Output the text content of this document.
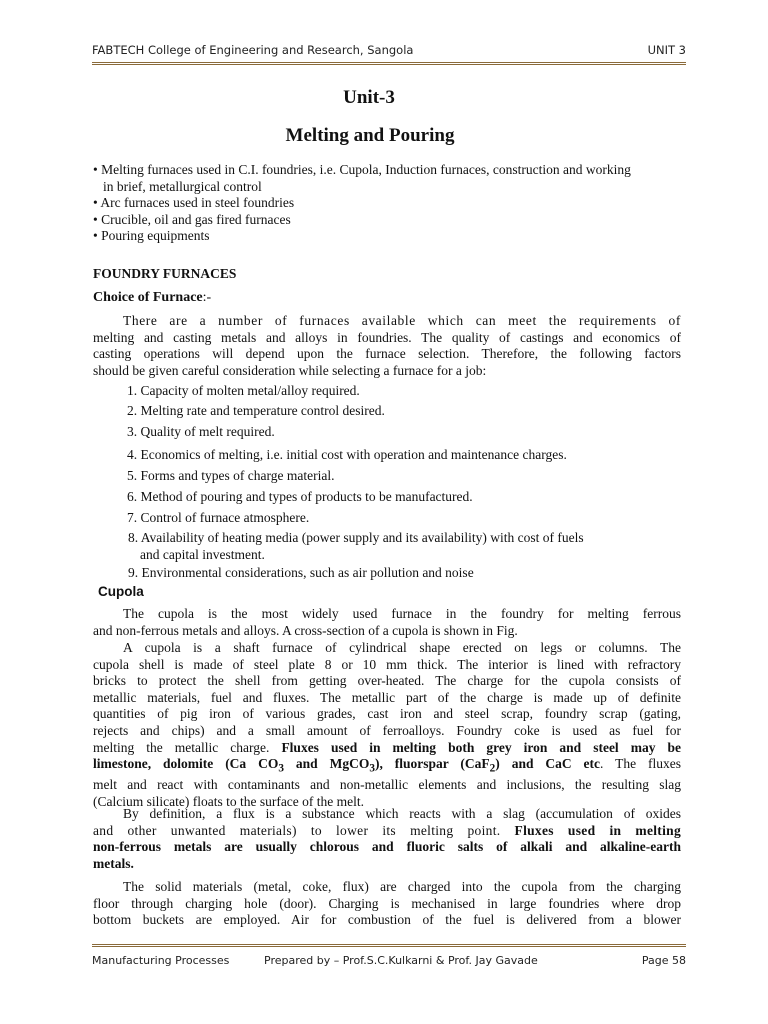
FABTECH College of Engineering and Research, Sangola	UNIT 3
Unit-3
Melting and Pouring
• Melting furnaces used in C.I. foundries, i.e. Cupola, Induction furnaces, construction and working
in brief, metallurgical control
• Arc furnaces used in steel foundries
• Crucible, oil and gas fired furnaces
• Pouring equipments
FOUNDRY FURNACES
Choice of Furnace:-
There are a number of furnaces available which can meet the requirements of
melting and casting metals and alloys in foundries. The quality of castings and economics of
casting operations will depend upon the furnace selection. Therefore, the following factors
should be given careful consideration while selecting a furnace for a job:
1. Capacity of molten metal/alloy required.
2. Melting rate and temperature control desired.
3. Quality of melt required.
4. Economics of melting, i.e. initial cost with operation and maintenance charges.
5. Forms and types of charge material.
6. Method of pouring and types of products to be manufactured.
7. Control of furnace atmosphere.
8. Availability of heating media (power supply and its availability) with cost of fuels
and capital investment.
9. Environmental considerations, such as air pollution and noise
Cupola
The cupola is the most widely used furnace in the foundry for melting ferrous
and non-ferrous metals and alloys. A cross-section of a cupola is shown in Fig.
A cupola is a shaft furnace of cylindrical shape erected on legs or columns. The
cupola shell is made of steel plate 8 or 10 mm thick. The interior is lined with refractory
bricks to protect the shell from getting over-heated. The charge for the cupola consists of
metallic materials, fuel and fluxes. The metallic part of the charge is made up of definite
quantities of pig iron of various grades, cast iron and steel scrap, foundry scrap (gating,
rejects and chips) and a small amount of ferroalloys. Foundry coke is used as fuel for
melting the metallic charge. Fluxes used in melting both grey iron and steel may be
limestone, dolomite (Ca $CO_3$ and MgCO$_3$), fluorspar (CaF$_2$) and CaC etc. The fluxes
melt and react with contaminants and non-metallic elements and inclusions, the resulting slag
(Calcium silicate) floats to the surface of the melt.
By definition, a flux is a substance which reacts with a slag (accumulation of oxides
and other unwanted materials) to lower its melting point. Fluxes used in melting
non-ferrous metals are usually chlorous and fluoric salts of alkali and alkaline-earth
metals.
The solid materials (metal, coke, flux) are charged into the cupola from the charging
floor through charging hole (door). Charging is mechanised in large foundries where drop
bottom buckets are employed. Air for combustion of the fuel is delivered from a blower
Manufacturing Processes	Prepared by – Prof.S.C.Kulkarni & Prof. Jay Gavade	Page 58
